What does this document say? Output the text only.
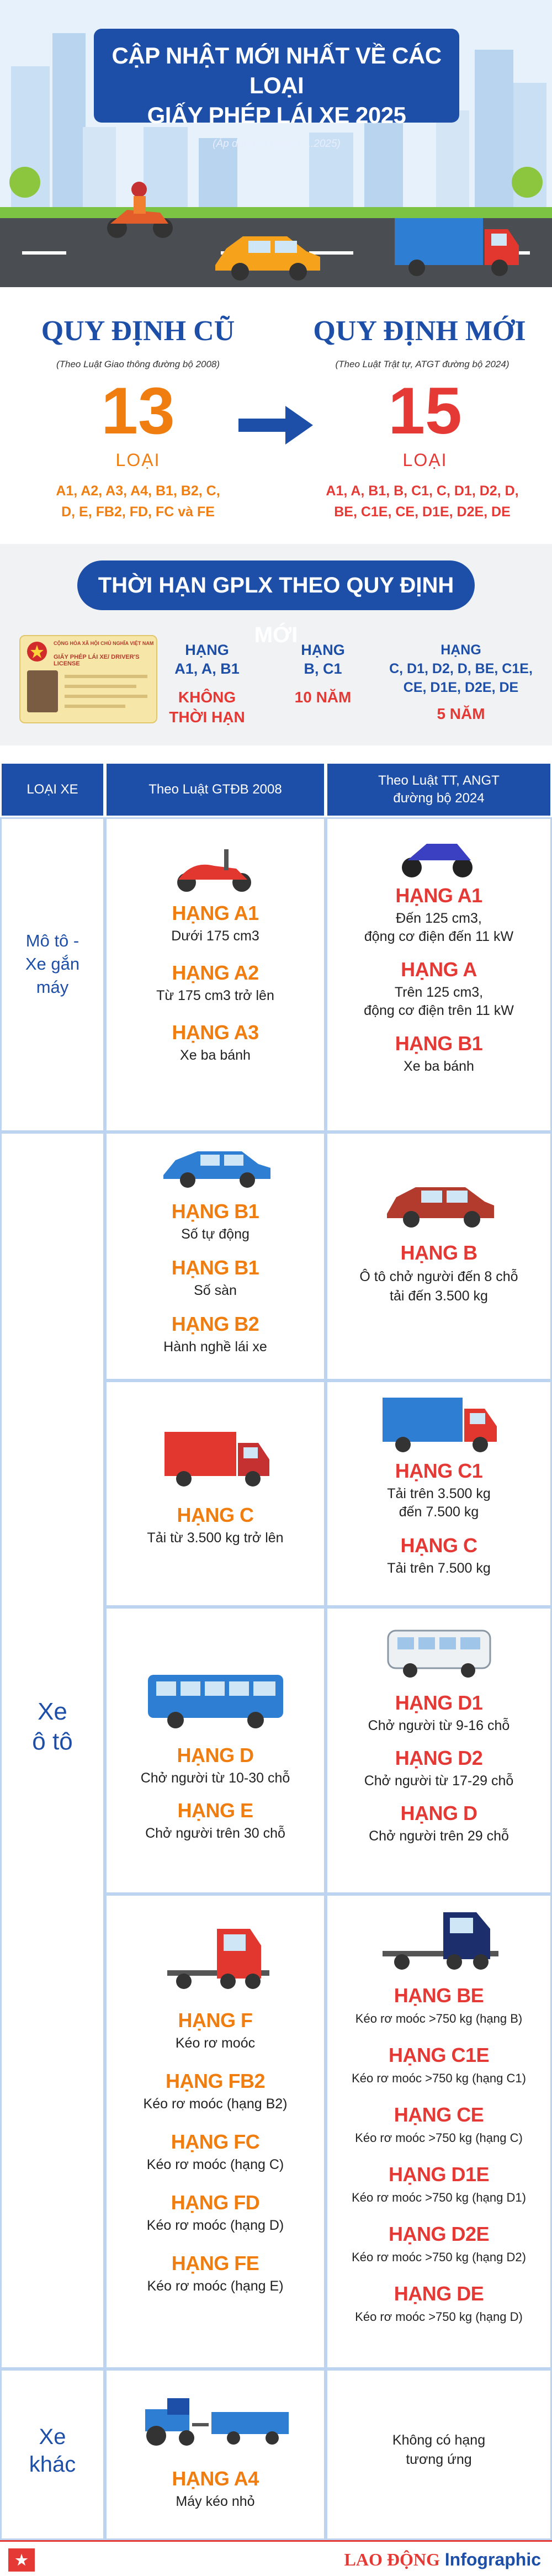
CẬP NHẬT MỚI NHẤT VỀ CÁC LOẠI
GIẤY PHÉP LÁI XE 2025
(Áp dụng từ ngày 1.1.2025)
QUY ĐỊNH CŨ
(Theo Luật Giao thông đường bộ 2008)
13
LOẠI
A1, A2, A3, A4, B1, B2, C,
D, E, FB2, FD, FC và FE
QUY ĐỊNH MỚI
(Theo Luật Trật tự, ATGT đường bộ 2024)
15
LOẠI
A1, A, B1, B, C1, C, D1, D2, D,
BE, C1E, CE, D1E, D2E, DE
THỜI HẠN GPLX THEO QUY ĐỊNH MỚI
CỘNG HÒA XÃ HỘI CHỦ NGHĨA VIỆT NAM
GIẤY PHÉP LÁI XE/ DRIVER'S LICENSE
HẠNG
A1, A, B1
KHÔNG
THỜI HẠN
HẠNG
B, C1
10 NĂM
HẠNG
C, D1, D2, D, BE, C1E,
CE, D1E, D2E, DE
5 NĂM
LOẠI XE	Theo Luật GTĐB 2008
Theo Luật TT, ANGT
đường bộ 2024
Mô tô -
Xe gắn
máy
HẠNG A1
Dưới 175 cm3
HẠNG A2
Từ 175 cm3 trở lên
HẠNG A3
Xe ba bánh
HẠNG A1
Đến 125 cm3,
động cơ điện đến 11 kW
HẠNG A
Trên 125 cm3,
động cơ điện trên 11 kW
HẠNG B1
Xe ba bánh
Xe
ô tô
HẠNG B1
Số tự động
HẠNG B1
Số sàn
HẠNG B2
Hành nghề lái xe
HẠNG B
Ô tô chở người đến 8 chỗ
tải đến 3.500 kg
HẠNG C
Tải từ 3.500 kg trở lên
HẠNG C1
Tải trên 3.500 kg
đến 7.500 kg
HẠNG C
Tải trên 7.500 kg
HẠNG D
Chở người từ 10-30 chỗ
HẠNG E
Chở người trên 30 chỗ
HẠNG D1
Chở người từ 9-16 chỗ
HẠNG D2
Chở người từ 17-29 chỗ
HẠNG D
Chở người trên 29 chỗ
HẠNG F
Kéo rơ moóc
HẠNG FB2
Kéo rơ moóc (hạng B2)
HẠNG FC
Kéo rơ moóc (hạng C)
HẠNG FD
Kéo rơ moóc (hạng D)
HẠNG FE
Kéo rơ moóc (hạng E)
HẠNG BE
Kéo rơ moóc >750 kg (hạng B)
HẠNG C1E
Kéo rơ moóc >750 kg (hạng C1)
HẠNG CE
Kéo rơ moóc >750 kg (hạng C)
HẠNG D1E
Kéo rơ moóc >750 kg (hạng D1)
HẠNG D2E
Kéo rơ moóc >750 kg (hạng D2)
HẠNG DE
Kéo rơ moóc >750 kg (hạng D)
Xe
khác
HẠNG A4
Máy kéo nhỏ
Không có hạng
tương ứng
★	LAO ĐỘNG Infographic
